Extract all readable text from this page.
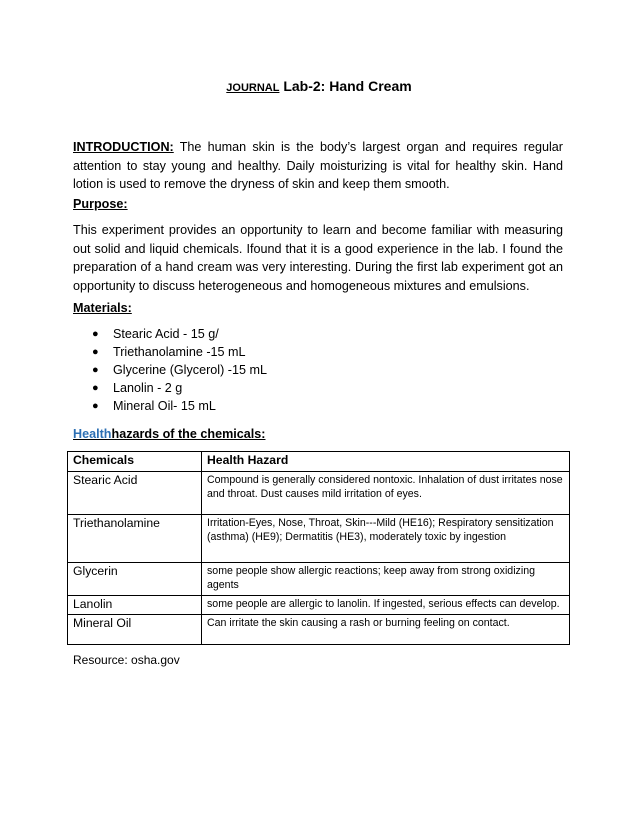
JOURNAL Lab-2: Hand Cream
INTRODUCTION: The human skin is the body’s largest organ and requires regular attention to stay young and healthy. Daily moisturizing is vital for healthy skin. Hand lotion is used to remove the dryness of skin and keep them smooth.
Purpose:
This experiment provides an opportunity to learn and become familiar with measuring out solid and liquid chemicals. Ifound that it is a good experience in the lab. I found the preparation of a hand cream was very interesting. During the first lab experiment got an opportunity to discuss heterogeneous and homogeneous mixtures and emulsions.
Materials:
● Stearic Acid - 15 g/
● Triethanolamine -15 mL
● Glycerine (Glycerol) -15 mL
● Lanolin - 2 g
● Mineral Oil- 15 mL
Healthhazards of the chemicals:
Chemicals	Health Hazard
Stearic Acid	Compound is generally considered nontoxic. Inhalation of dust irritates nose and throat. Dust causes mild irritation of eyes.
Triethanolamine	Irritation-Eyes, Nose, Throat, Skin---Mild (HE16); Respiratory sensitization (asthma) (HE9); Dermatitis (HE3), moderately toxic by ingestion
Glycerin	some people show allergic reactions; keep away from strong oxidizing agents
Lanolin	some people are allergic to lanolin. If ingested, serious effects can develop.
Mineral Oil	Can irritate the skin causing a rash or burning feeling on contact.
Resource: osha.gov
